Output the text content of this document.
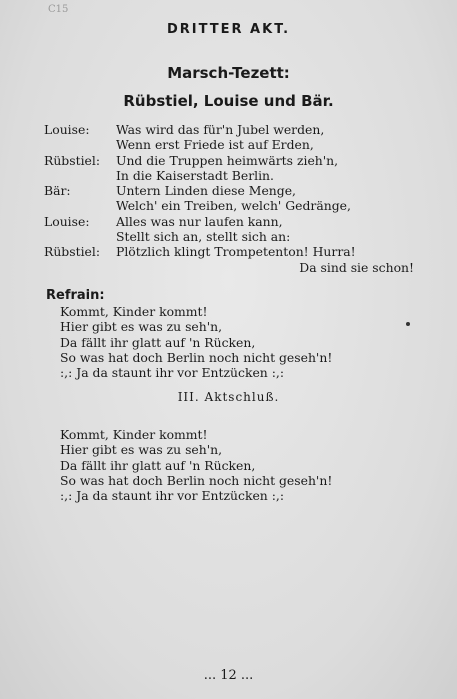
C15
DRITTER AKT.
Marsch-Tezett:
Rübstiel, Louise und Bär.
Louise:	Was wird das für'n Jubel werden,
Wenn erst Friede ist auf Erden,
Rübstiel:	Und die Truppen heimwärts zieh'n,
In die Kaiserstadt Berlin.
Bär:	Untern Linden diese Menge,
Welch' ein Treiben, welch' Gedränge,
Louise:	Alles was nur laufen kann,
Stellt sich an, stellt sich an:
Rübstiel:	Plötzlich klingt Trompetenton! Hurra!
Da sind sie schon!
Refrain:
Kommt, Kinder kommt!
Hier gibt es was zu seh'n,
Da fällt ihr glatt auf 'n Rücken,
So was hat doch Berlin noch nicht geseh'n!
:,: Ja da staunt ihr vor Entzücken :,:
III. Aktschluß.
Kommt, Kinder kommt!
Hier gibt es was zu seh'n,
Da fällt ihr glatt auf 'n Rücken,
So was hat doch Berlin noch nicht geseh'n!
:,: Ja da staunt ihr vor Entzücken :,:
... 12 ...
